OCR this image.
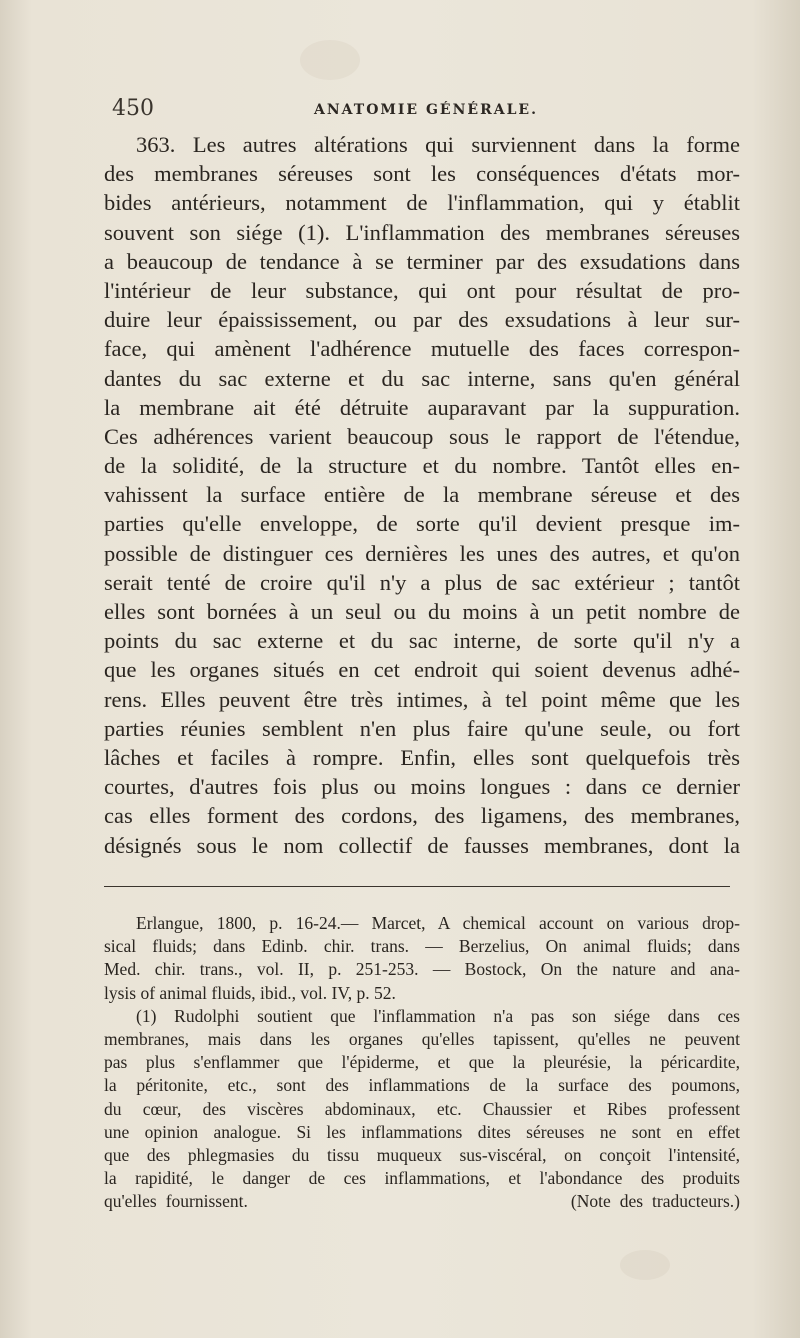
450	ANATOMIE GÉNÉRALE.
363. Les autres altérations qui surviennent dans la forme
des membranes séreuses sont les conséquences d'états mor-
bides antérieurs, notamment de l'inflammation, qui y établit
souvent son siége (1). L'inflammation des membranes séreuses
a beaucoup de tendance à se terminer par des exsudations dans
l'intérieur de leur substance, qui ont pour résultat de pro-
duire leur épaississement, ou par des exsudations à leur sur-
face, qui amènent l'adhérence mutuelle des faces correspon-
dantes du sac externe et du sac interne, sans qu'en général
la membrane ait été détruite auparavant par la suppuration.
Ces adhérences varient beaucoup sous le rapport de l'étendue,
de la solidité, de la structure et du nombre. Tantôt elles en-
vahissent la surface entière de la membrane séreuse et des
parties qu'elle enveloppe, de sorte qu'il devient presque im-
possible de distinguer ces dernières les unes des autres, et qu'on
serait tenté de croire qu'il n'y a plus de sac extérieur ; tantôt
elles sont bornées à un seul ou du moins à un petit nombre de
points du sac externe et du sac interne, de sorte qu'il n'y a
que les organes situés en cet endroit qui soient devenus adhé-
rens. Elles peuvent être très intimes, à tel point même que les
parties réunies semblent n'en plus faire qu'une seule, ou fort
lâches et faciles à rompre. Enfin, elles sont quelquefois très
courtes, d'autres fois plus ou moins longues : dans ce dernier
cas elles forment des cordons, des ligamens, des membranes,
désignés sous le nom collectif de fausses membranes, dont la
Erlangue, 1800, p. 16-24.— Marcet, A chemical account on various drop-
sical fluids; dans Edinb. chir. trans. — Berzelius, On animal fluids; dans
Med. chir. trans., vol. II, p. 251-253. — Bostock, On the nature and ana-
lysis of animal fluids, ibid., vol. IV, p. 52.
(1) Rudolphi soutient que l'inflammation n'a pas son siége dans ces
membranes, mais dans les organes qu'elles tapissent, qu'elles ne peuvent
pas plus s'enflammer que l'épiderme, et que la pleurésie, la péricardite,
la péritonite, etc., sont des inflammations de la surface des poumons,
du cœur, des viscères abdominaux, etc. Chaussier et Ribes professent
une opinion analogue. Si les inflammations dites séreuses ne sont en effet
que des phlegmasies du tissu muqueux sus-viscéral, on conçoit l'intensité,
la rapidité, le danger de ces inflammations, et l'abondance des produits
qu'elles fournissent.                                    (Note des traducteurs.)
